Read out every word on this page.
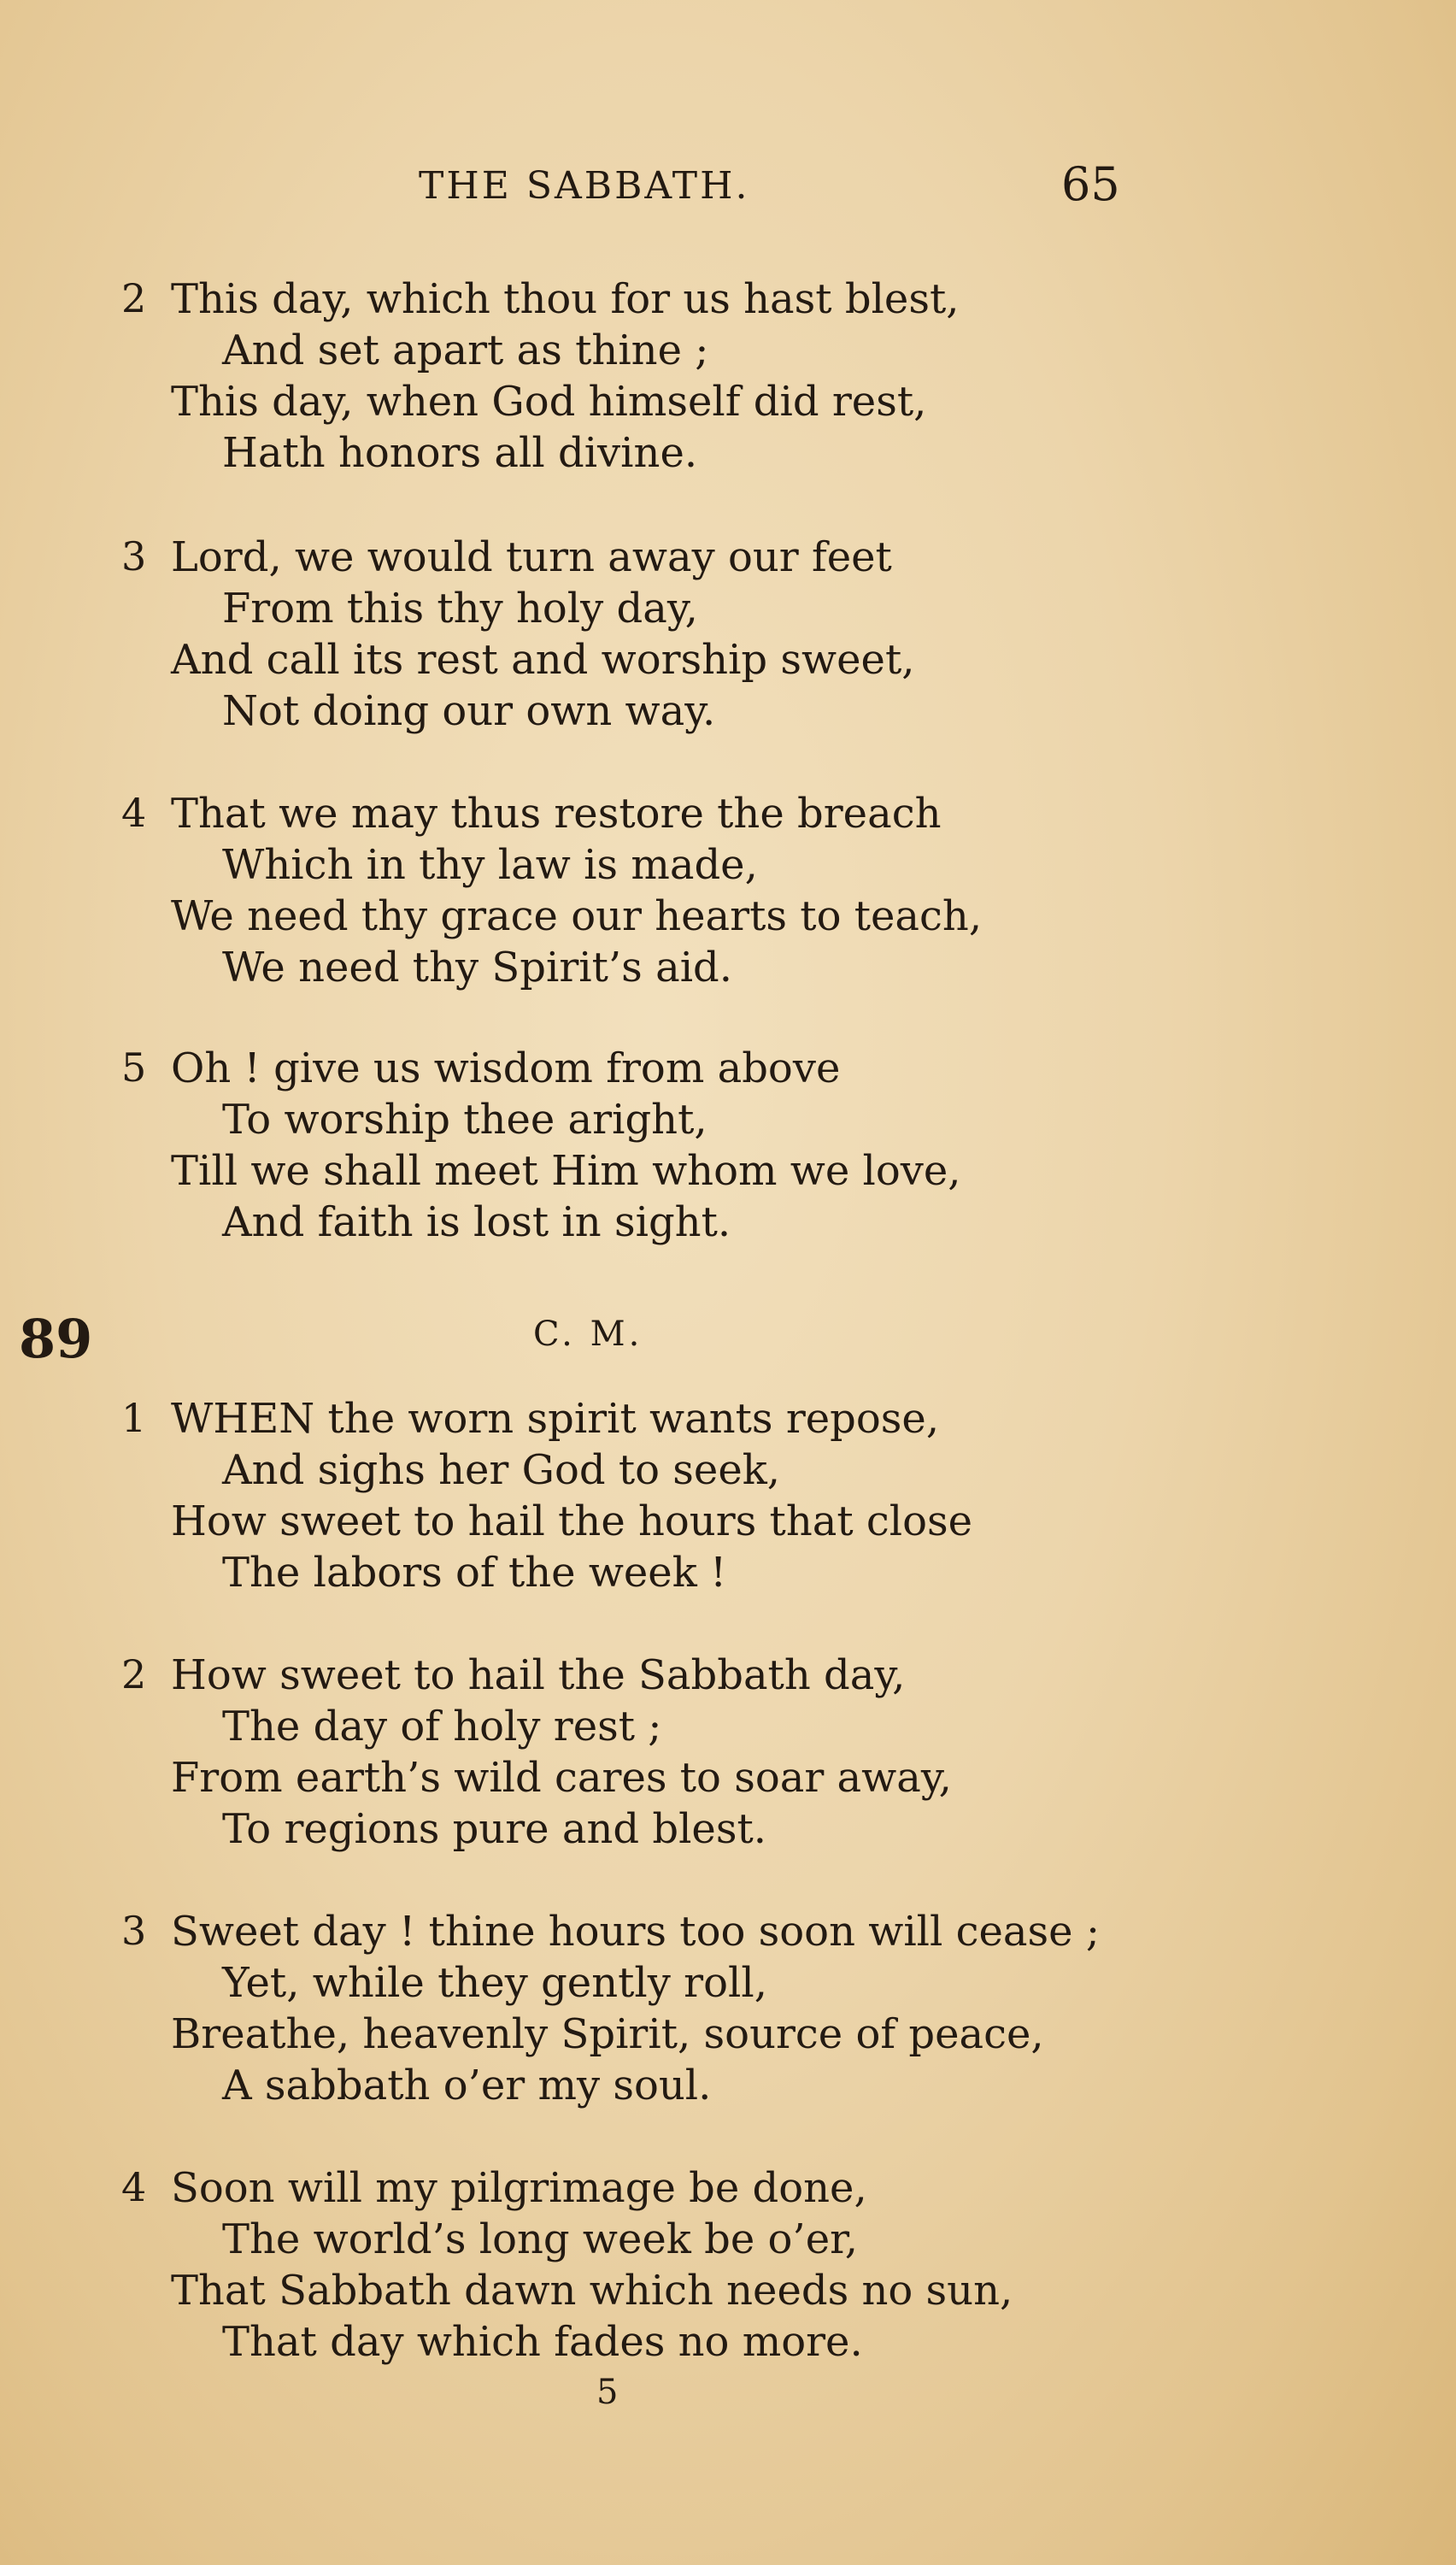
THE SABBATH.	65
2 This day, which thou for us hast blest,
And set apart as thine ;
This day, when God himself did rest,
Hath honors all divine.
3 Lord, we would turn away our feet
From this thy holy day,
And call its rest and worship sweet,
Not doing our own way.
4 That we may thus restore the breach
Which in thy law is made,
We need thy grace our hearts to teach,
We need thy Spirit’s aid.
5 Oh ! give us wisdom from above
To worship thee aright,
Till we shall meet Him whom we love,
And faith is lost in sight.
89	C. M.
1 WHEN the worn spirit wants repose,
And sighs her God to seek,
How sweet to hail the hours that close
The labors of the week !
2 How sweet to hail the Sabbath day,
The day of holy rest ;
From earth’s wild cares to soar away,
To regions pure and blest.
3 Sweet day ! thine hours too soon will cease ;
Yet, while they gently roll,
Breathe, heavenly Spirit, source of peace,
A sabbath o’er my soul.
4 Soon will my pilgrimage be done,
The world’s long week be o’er,
That Sabbath dawn which needs no sun,
That day which fades no more.
5
